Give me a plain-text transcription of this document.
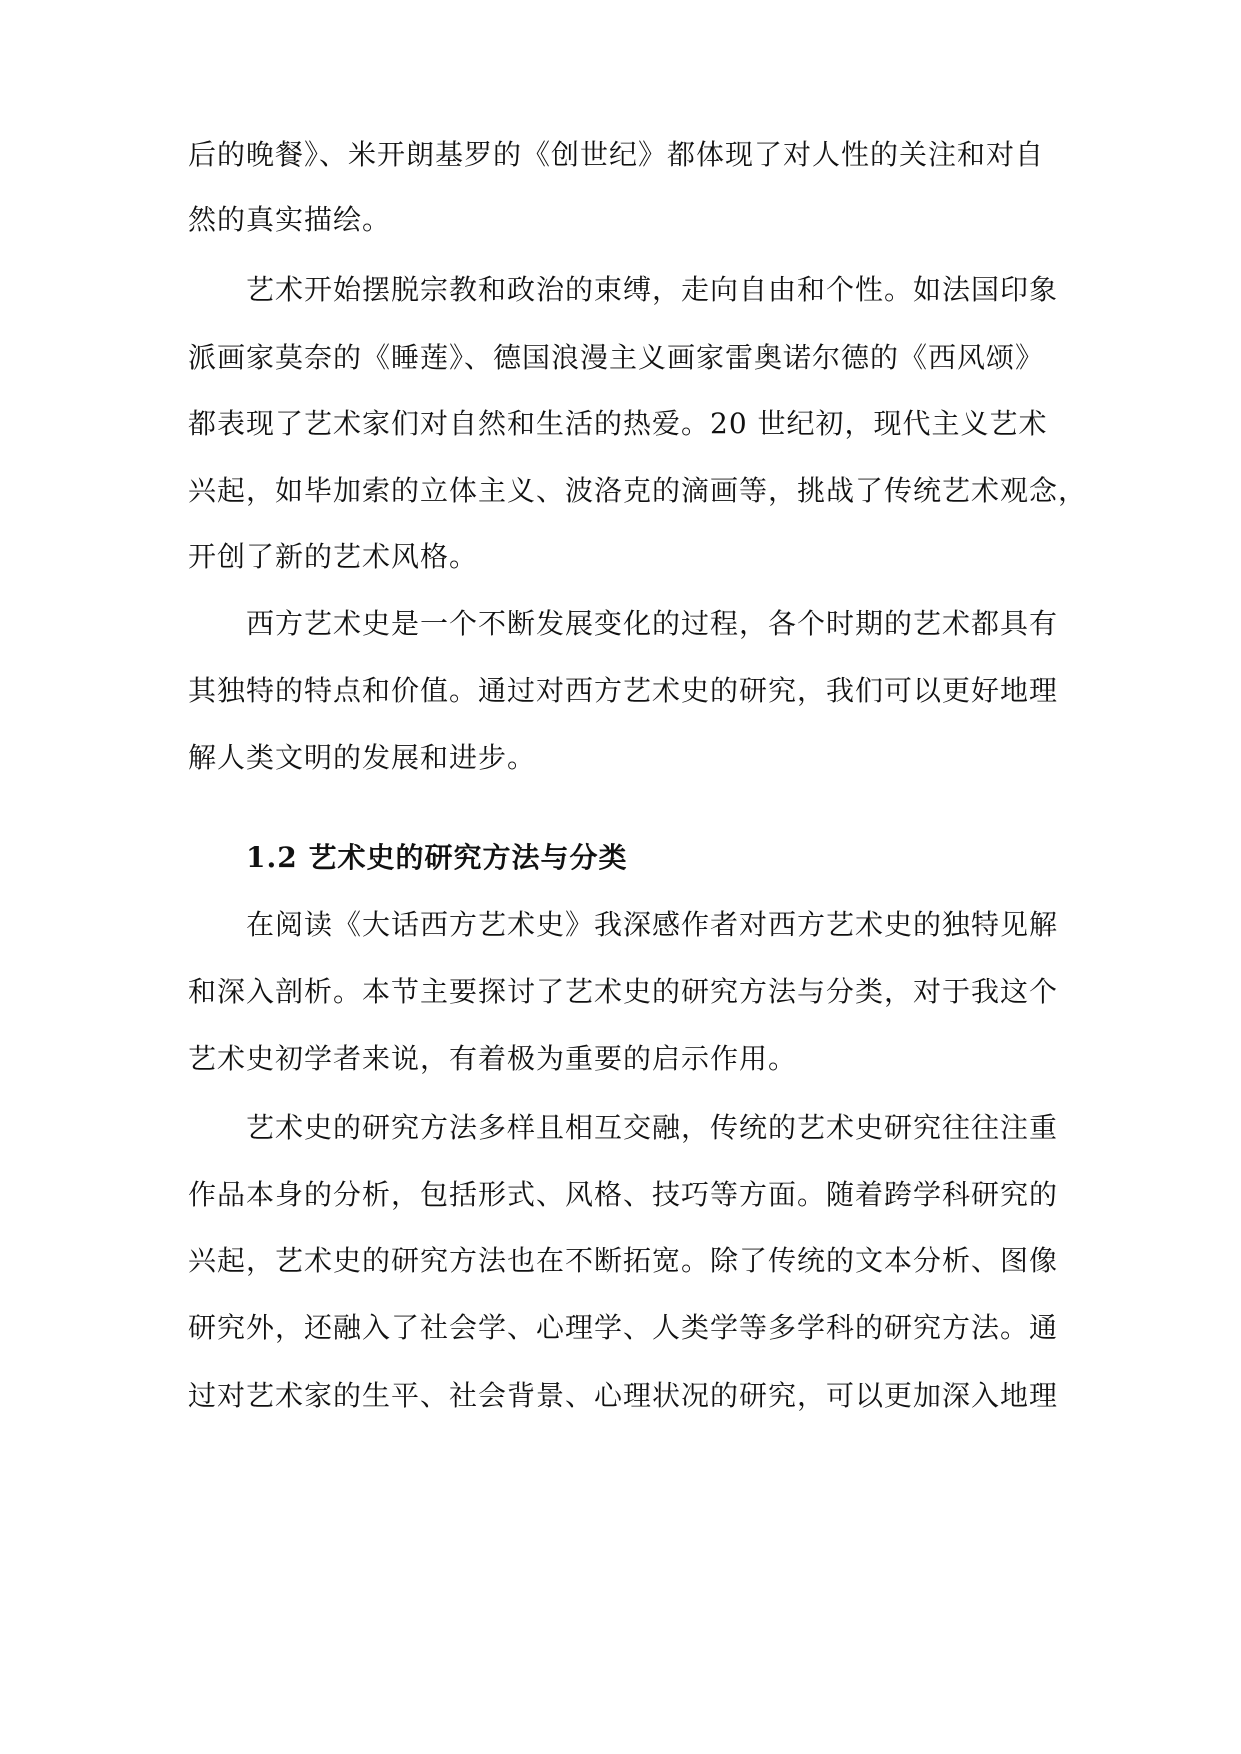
后的晚餐》、米开朗基罗的《创世纪》都体现了对人性的关注和对自

然的真实描绘。

艺术开始摆脱宗教和政治的束缚，走向自由和个性。如法国印象

派画家莫奈的《睡莲》、德国浪漫主义画家雷奥诺尔德的《西风颂》

都表现了艺术家们对自然和生活的热爱。20 世纪初，现代主义艺术

兴起，如毕加索的立体主义、波洛克的滴画等，挑战了传统艺术观念，

开创了新的艺术风格。

西方艺术史是一个不断发展变化的过程，各个时期的艺术都具有

其独特的特点和价值。通过对西方艺术史的研究，我们可以更好地理

解人类文明的发展和进步。

1.2 艺术史的研究方法与分类

在阅读《大话西方艺术史》我深感作者对西方艺术史的独特见解

和深入剖析。本节主要探讨了艺术史的研究方法与分类，对于我这个

艺术史初学者来说，有着极为重要的启示作用。

艺术史的研究方法多样且相互交融，传统的艺术史研究往往注重

作品本身的分析，包括形式、风格、技巧等方面。随着跨学科研究的

兴起，艺术史的研究方法也在不断拓宽。除了传统的文本分析、图像

研究外，还融入了社会学、心理学、人类学等多学科的研究方法。通

过对艺术家的生平、社会背景、心理状况的研究，可以更加深入地理
